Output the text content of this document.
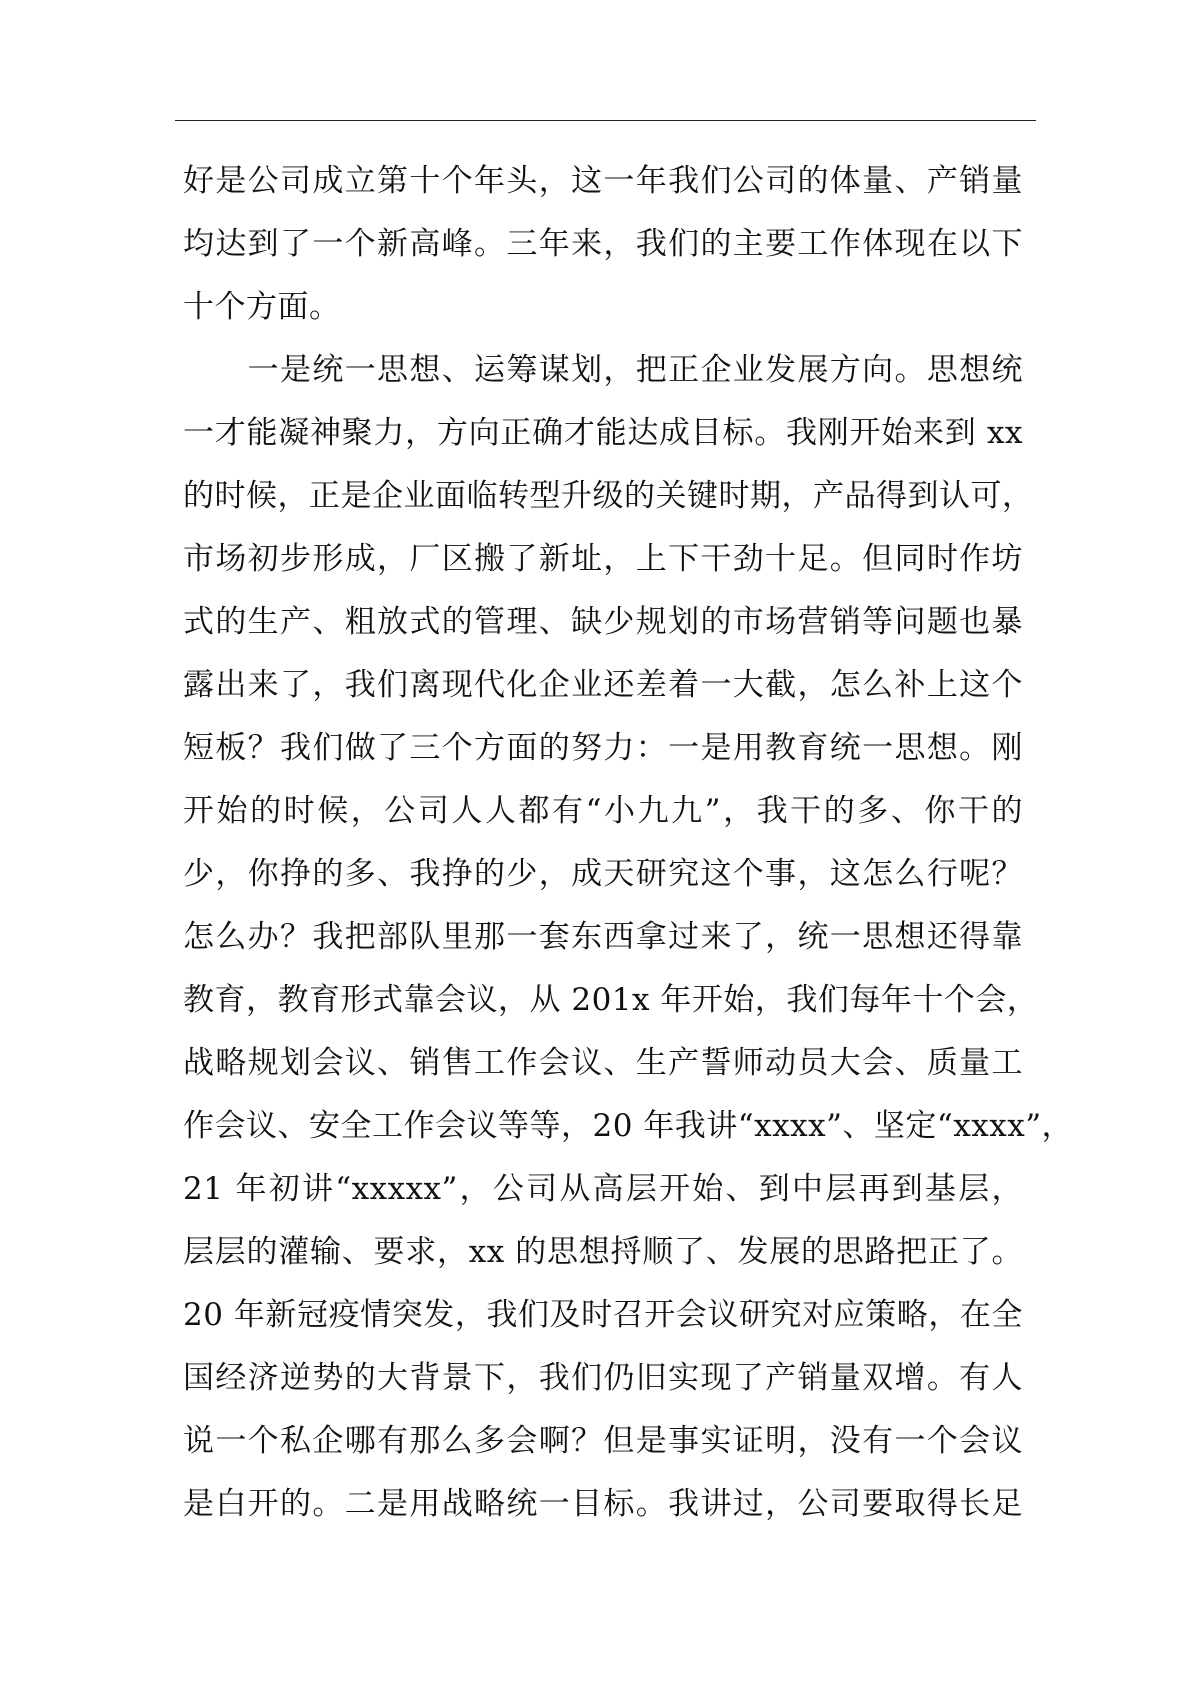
好是公司成立第十个年头，这一年我们公司的体量、产销量
均达到了一个新高峰。三年来，我们的主要工作体现在以下
十个方面。
　　一是统一思想、运筹谋划，把正企业发展方向。思想统
一才能凝神聚力，方向正确才能达成目标。我刚开始来到 xx
的时候，正是企业面临转型升级的关键时期，产品得到认可，
市场初步形成，厂区搬了新址，上下干劲十足。但同时作坊
式的生产、粗放式的管理、缺少规划的市场营销等问题也暴
露出来了，我们离现代化企业还差着一大截，怎么补上这个
短板？我们做了三个方面的努力：一是用教育统一思想。刚
开始的时候，公司人人都有“小九九”，我干的多、你干的
少，你挣的多、我挣的少，成天研究这个事，这怎么行呢？
怎么办？我把部队里那一套东西拿过来了，统一思想还得靠
教育，教育形式靠会议，从 201x 年开始，我们每年十个会，
战略规划会议、销售工作会议、生产誓师动员大会、质量工
作会议、安全工作会议等等，20 年我讲“xxxx”、坚定“xxxx”，
21 年初讲“xxxxx”，公司从高层开始、到中层再到基层，
层层的灌输、要求，xx 的思想捋顺了、发展的思路把正了。
20 年新冠疫情突发，我们及时召开会议研究对应策略，在全
国经济逆势的大背景下，我们仍旧实现了产销量双增。有人
说一个私企哪有那么多会啊？但是事实证明，没有一个会议
是白开的。二是用战略统一目标。我讲过，公司要取得长足
